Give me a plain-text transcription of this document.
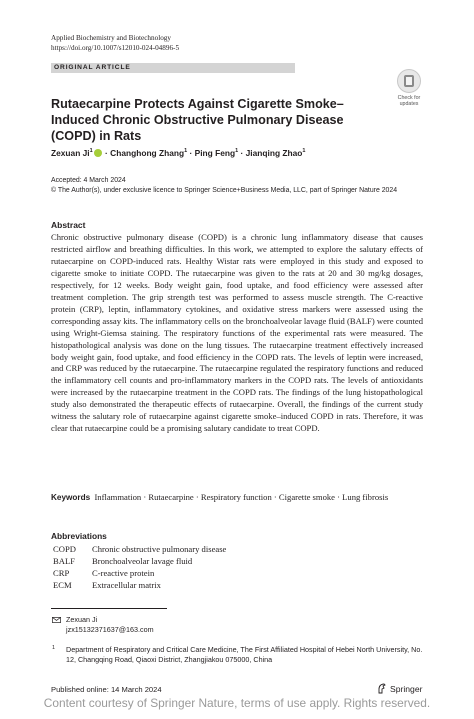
Applied Biochemistry and Biotechnology
https://doi.org/10.1007/s12010-024-04896-5
ORIGINAL ARTICLE
Check for
updates
Rutaecarpine Protects Against Cigarette Smoke–Induced Chronic Obstructive Pulmonary Disease (COPD) in Rats
Zexuan $Ji^1$ · Changhong Zhang$^1$ · Ping Feng$^1$ · Jianqing Zhao$^1$
Accepted: 4 March 2024
© The Author(s), under exclusive licence to Springer Science+Business Media, LLC, part of Springer Nature 2024
Abstract
Chronic obstructive pulmonary disease (COPD) is a chronic lung inflammatory disease that causes restricted airflow and breathing difficulties. In this work, we attempted to explore the salutary effects of rutaecarpine on COPD-induced rats. Healthy Wistar rats were employed in this study and exposed to cigarette smoke to initiate COPD. The rutaecarpine was given to the rats at 20 and 30 mg/kg dosages, respectively, for 12 weeks. Body weight gain, food uptake, and food efficiency were assessed after treatment completion. The grip strength test was performed to assess muscle strength. The C-reactive protein (CRP), leptin, inflammatory cytokines, and oxidative stress markers were assessed using the corresponding assay kits. The inflammatory cells on the bronchoalveolar lavage fluid (BALF) were counted using Wright-Giemsa staining. The respiratory functions of the experimental rats were measured. The histopathological analysis was done on the lung tissues. The rutaecarpine treatment effectively increased body weight gain, food uptake, and food efficiency in the COPD rats. The levels of leptin were increased, and CRP was reduced by the rutaecarpine. The rutaecarpine regulated the respiratory functions and reduced the inflammatory cell counts and pro-inflammatory markers in the COPD rats. The levels of antioxidants were increased by the rutaecarpine treatment in the COPD rats. The findings of the lung histopathological study also demonstrated the therapeutic effects of rutaecarpine. Overall, the findings of the current study witness the salutary role of rutaecarpine against cigarette smoke–induced COPD in rats. Therefore, it was clear that rutaecarpine could be a promising salutary candidate to treat COPD.
Keywords Inflammation · Rutaecarpine · Respiratory function · Cigarette smoke · Lung fibrosis
Abbreviations
COPD	Chronic obstructive pulmonary disease
BALF	Bronchoalveolar lavage fluid
CRP	C-reactive protein
ECM	Extracellular matrix
Zexuan Ji
jzx15132371637@163.com
1 Department of Respiratory and Critical Care Medicine, The First Affiliated Hospital of Hebei North University, No. 12, Changqing Road, Qiaoxi District, Zhangjiakou 075000, China
Published online: 14 March 2024	Springer
Content courtesy of Springer Nature, terms of use apply. Rights reserved.
